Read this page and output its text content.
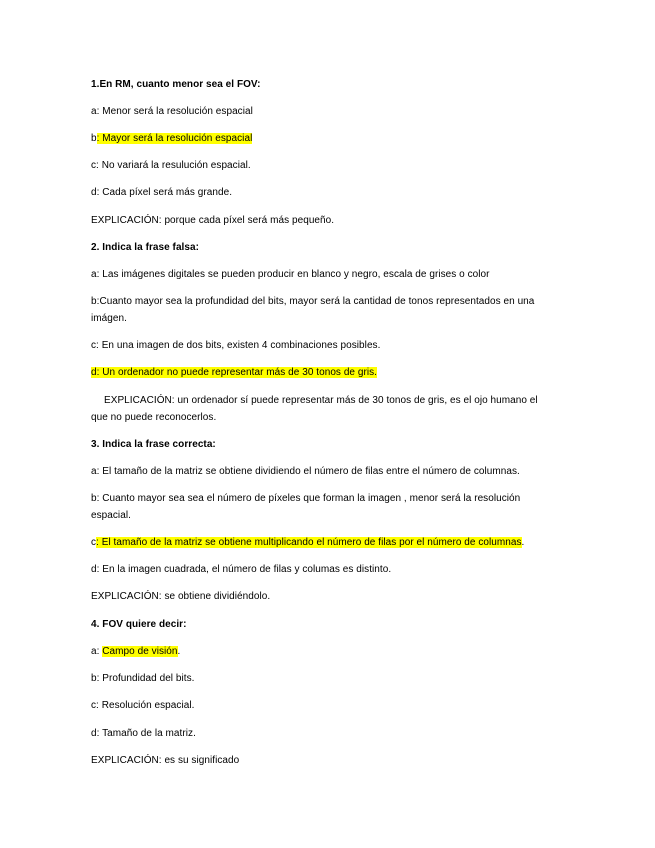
1.En RM, cuanto menor sea el FOV:
a: Menor será la resolución espacial
b: Mayor será la resolución espacial
c: No variará la resulución espacial.
d: Cada píxel será más grande.
EXPLICACIÓN: porque cada píxel será más pequeño.
2. Indica la frase falsa:
a: Las imágenes digitales se pueden producir en blanco y negro, escala de grises o color
b:Cuanto mayor sea la profundidad del bits, mayor será la cantidad de tonos representados en una
imágen.
c: En una imagen de dos bits, existen 4 combinaciones posibles.
d: Un ordenador no puede representar más de 30 tonos de gris.
EXPLICACIÓN: un ordenador sí puede representar más de 30 tonos de gris, es el ojo humano el
que no puede reconocerlos.
3. Indica la frase correcta:
a: El tamaño de la matriz se obtiene dividiendo el número de filas entre el número de columnas.
b: Cuanto mayor sea sea el número de píxeles que forman la imagen , menor será la resolución
espacial.
c: El tamaño de la matriz se obtiene multiplicando el número de filas por el número de columnas.
d: En la imagen cuadrada, el número de filas y columas es distinto.
EXPLICACIÓN: se obtiene dividiéndolo.
4. FOV quiere decir:
a: Campo de visión.
b: Profundidad del bits.
c: Resolución espacial.
d: Tamaño de la matriz.
EXPLICACIÓN: es su significado
